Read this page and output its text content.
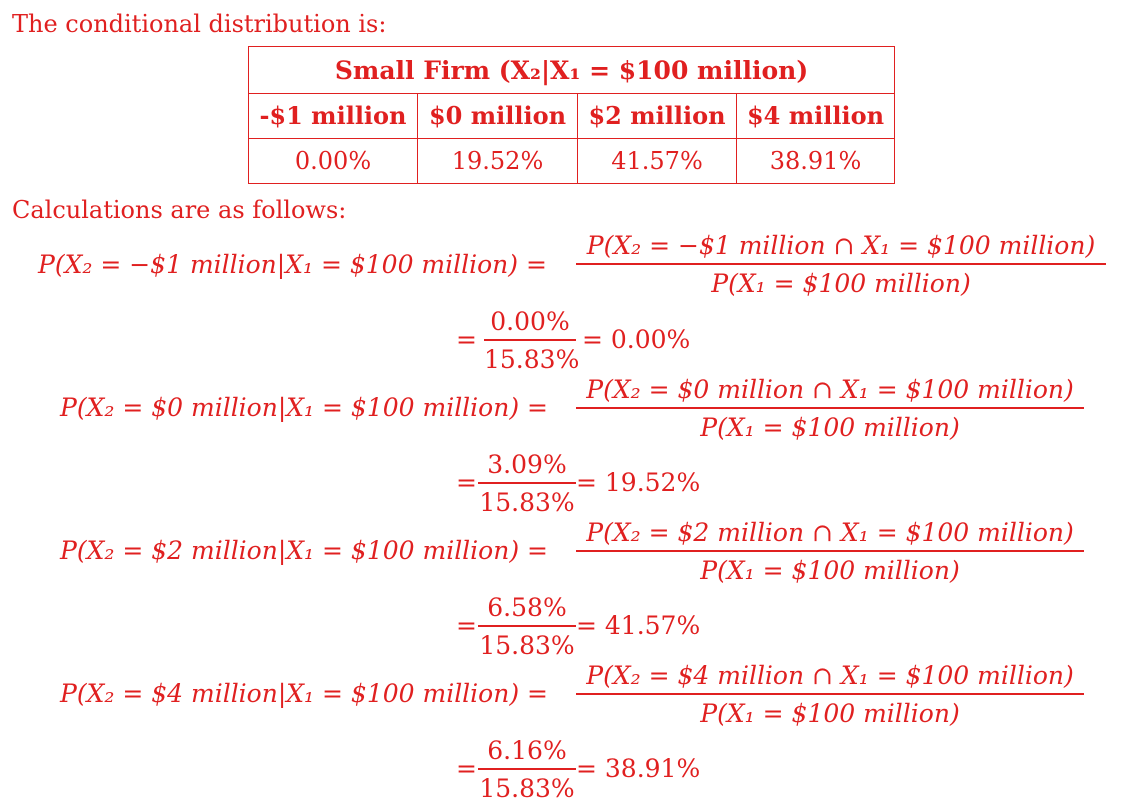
The conditional distribution is:
Small Firm (X₂|X₁ = $100 million)			
-$1 million	$0 million	$2 million	$4 million
0.00%	19.52%	41.57%	38.91%
Calculations are as follows:
P(X₂ = −$1 million|X₁ = $100 million) =
P(X₂ = −$1 million ∩ X₁ = $100 million)
P(X₁ = $100 million)
=
0.00%
15.83%
= 0.00%
P(X₂ = $0 million|X₁ = $100 million) =
P(X₂ = $0 million ∩ X₁ = $100 million)
P(X₁ = $100 million)
=
3.09%
15.83%
= 19.52%
P(X₂ = $2 million|X₁ = $100 million) =
P(X₂ = $2 million ∩ X₁ = $100 million)
P(X₁ = $100 million)
=
6.58%
15.83%
= 41.57%
P(X₂ = $4 million|X₁ = $100 million) =
P(X₂ = $4 million ∩ X₁ = $100 million)
P(X₁ = $100 million)
=
6.16%
15.83%
= 38.91%
